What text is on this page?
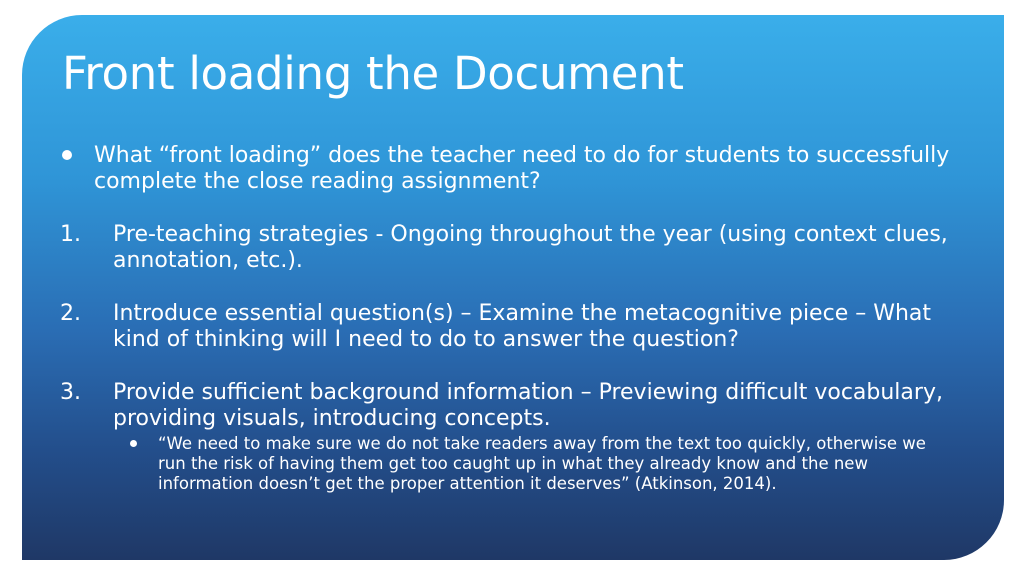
Front loading the Document
What “front loading” does the teacher need to do for students to successfully complete the close reading assignment?
1. Pre-teaching strategies - Ongoing throughout the year (using context clues, annotation, etc.).
2. Introduce essential question(s) – Examine the metacognitive piece – What kind of thinking will I need to do to answer the question?
3. Provide sufficient background information – Previewing difficult vocabulary, providing visuals, introducing concepts.
“We need to make sure we do not take readers away from the text too quickly, otherwise we run the risk of having them get too caught up in what they already know and the new information doesn’t get the proper attention it deserves” (Atkinson, 2014).
